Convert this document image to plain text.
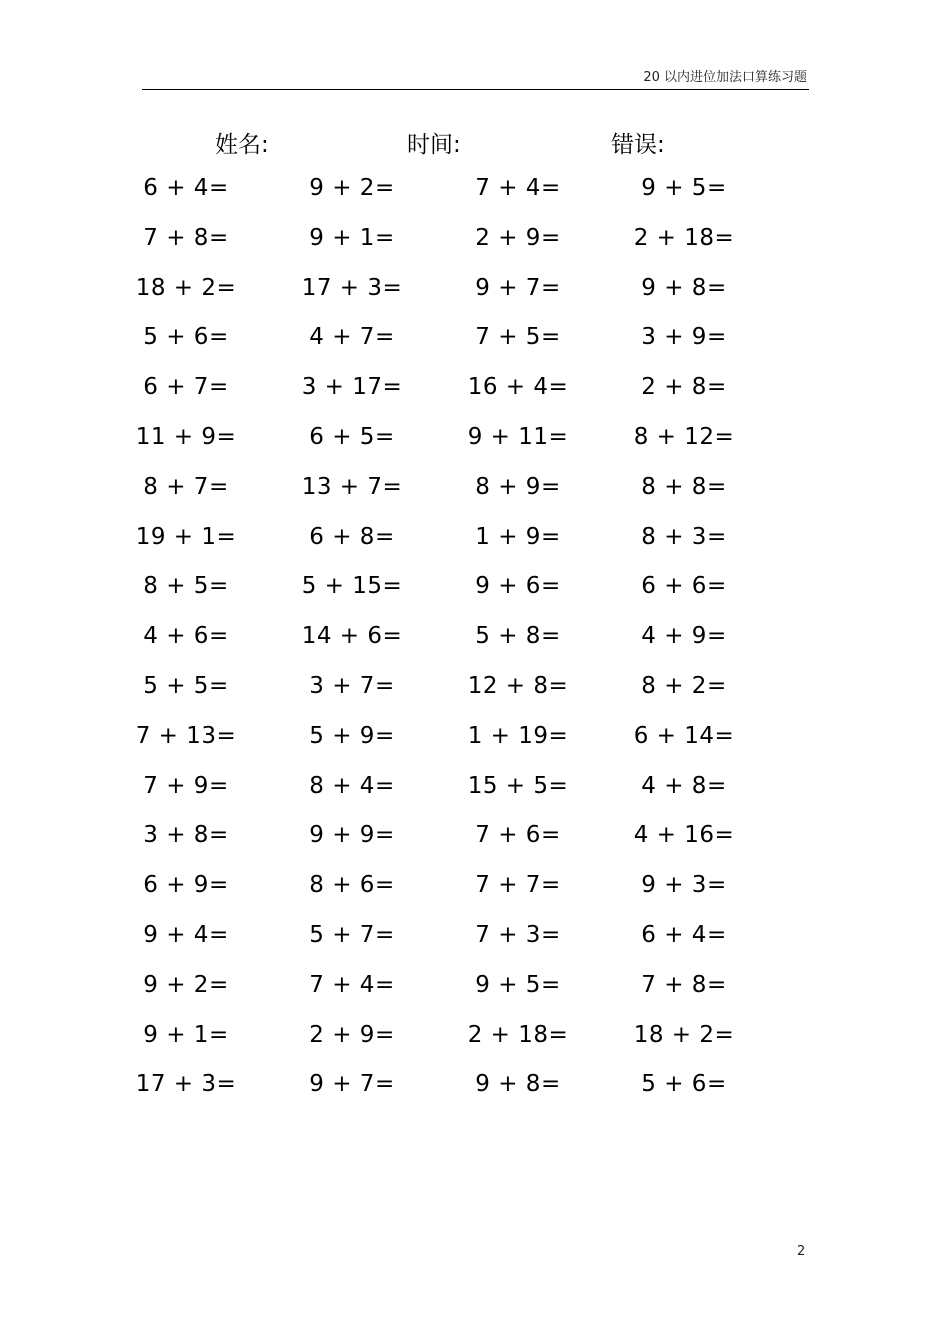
20 以内进位加法口算练习题
姓名:	时间:	错误:
6 + 4=	9 + 2=	7 + 4=	9 + 5=
7 + 8=	9 + 1=	2 + 9=	2 + 18=
18 + 2=	17 + 3=	9 + 7=	9 + 8=
5 + 6=	4 + 7=	7 + 5=	3 + 9=
6 + 7=	3 + 17=	16 + 4=	2 + 8=
11 + 9=	6 + 5=	9 + 11=	8 + 12=
8 + 7=	13 + 7=	8 + 9=	8 + 8=
19 + 1=	6 + 8=	1 + 9=	8 + 3=
8 + 5=	5 + 15=	9 + 6=	6 + 6=
4 + 6=	14 + 6=	5 + 8=	4 + 9=
5 + 5=	3 + 7=	12 + 8=	8 + 2=
7 + 13=	5 + 9=	1 + 19=	6 + 14=
7 + 9=	8 + 4=	15 + 5=	4 + 8=
3 + 8=	9 + 9=	7 + 6=	4 + 16=
6 + 9=	8 + 6=	7 + 7=	9 + 3=
9 + 4=	5 + 7=	7 + 3=	6 + 4=
9 + 2=	7 + 4=	9 + 5=	7 + 8=
9 + 1=	2 + 9=	2 + 18=	18 + 2=
17 + 3=	9 + 7=	9 + 8=	5 + 6=
2
